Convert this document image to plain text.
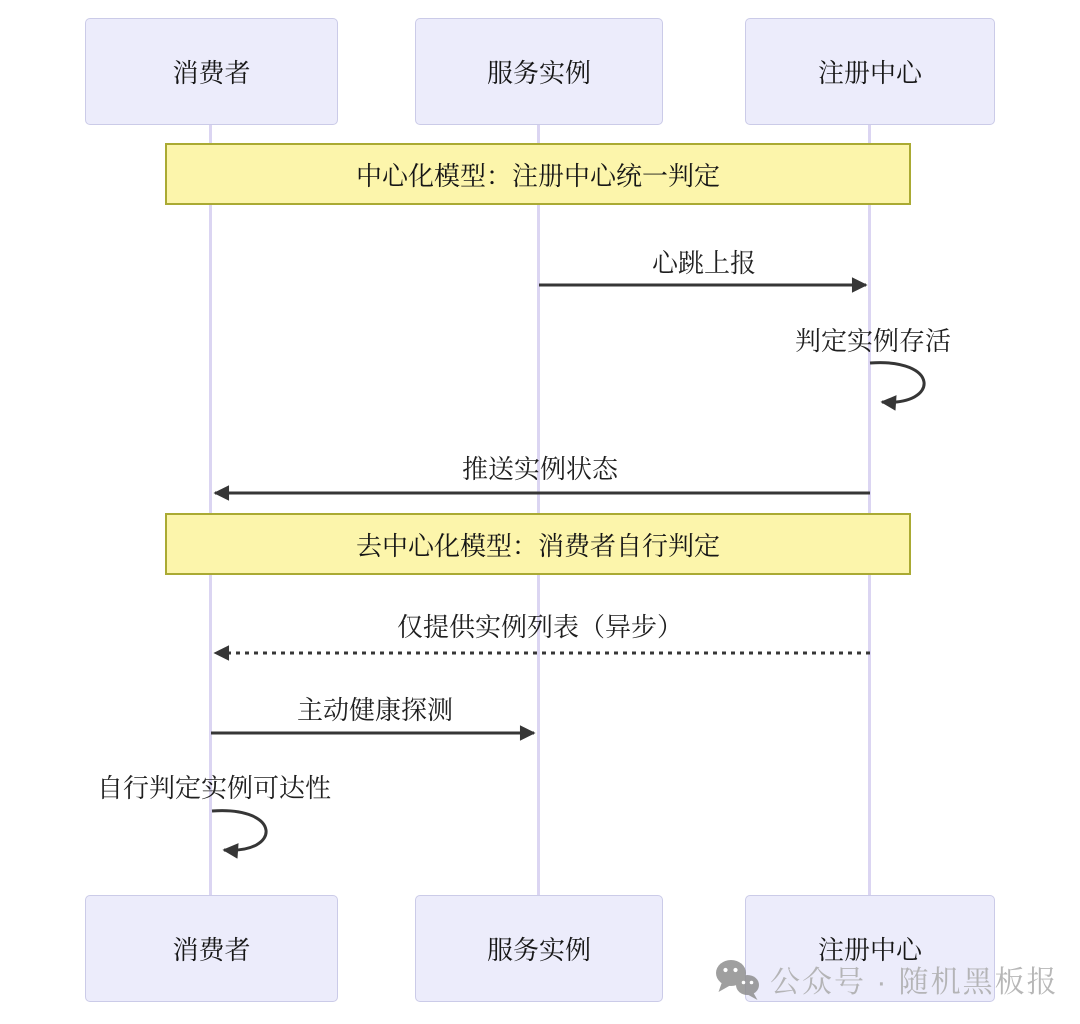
消费者	服务实例	注册中心
中心化模型：注册中心统一判定
去中心化模型：消费者自行判定
心跳上报
判定实例存活
推送实例状态
仅提供实例列表（异步）
主动健康探测
自行判定实例可达性
消费者	服务实例	注册中心
公众号 · 随机黑板报
